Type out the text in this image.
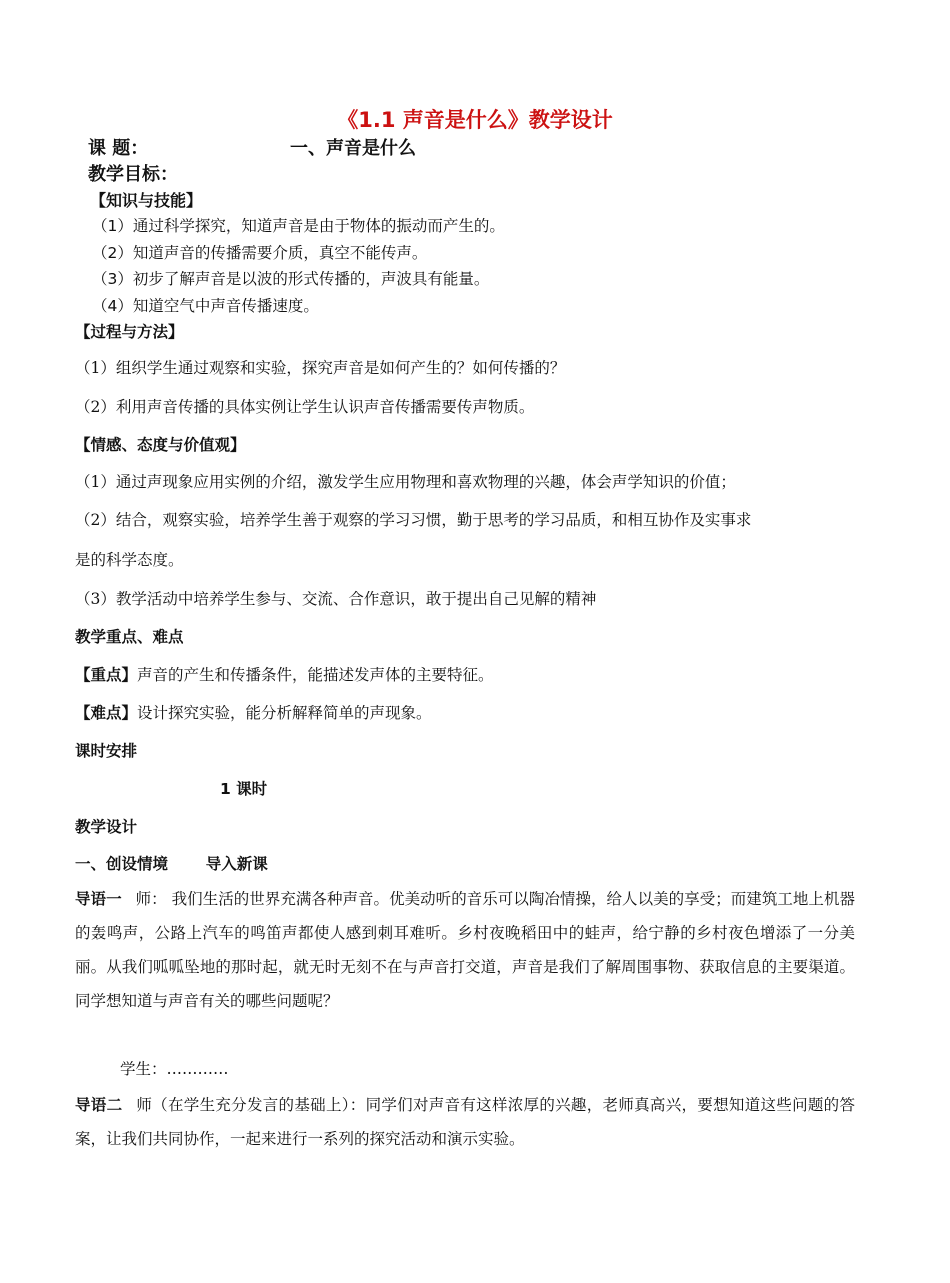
《1.1 声音是什么》教学设计
课 题：	一、声音是什么
教学目标：
【知识与技能】
（1）通过科学探究，知道声音是由于物体的振动而产生的。
（2）知道声音的传播需要介质，真空不能传声。
（3）初步了解声音是以波的形式传播的，声波具有能量。
（4）知道空气中声音传播速度。
【过程与方法】
（1）组织学生通过观察和实验，探究声音是如何产生的？如何传播的？
（2）利用声音传播的具体实例让学生认识声音传播需要传声物质。
【情感、态度与价值观】
（1）通过声现象应用实例的介绍，激发学生应用物理和喜欢物理的兴趣，体会声学知识的价值；
（2）结合，观察实验，培养学生善于观察的学习习惯，勤于思考的学习品质，和相互协作及实事求
是的科学态度。
（3）教学活动中培养学生参与、交流、合作意识，敢于提出自己见解的精神
教学重点、难点
【重点】声音的产生和传播条件，能描述发声体的主要特征。
【难点】设计探究实验，能分析解释简单的声现象。
课时安排
1 课时
教学设计
一、创设情境       导入新课
导语一 师： 我们生活的世界充满各种声音。优美动听的音乐可以陶冶情操，给人以美的享受；而建筑工地上机器的轰鸣声，公路上汽车的鸣笛声都使人感到刺耳难听。乡村夜晚稻田中的蛙声，给宁静的乡村夜色增添了一分美丽。从我们呱呱坠地的那时起，就无时无刻不在与声音打交道，声音是我们了解周围事物、获取信息的主要渠道。同学想知道与声音有关的哪些问题呢？
学生：…………
导语二 师（在学生充分发言的基础上）：同学们对声音有这样浓厚的兴趣，老师真高兴，要想知道这些问题的答案，让我们共同协作，一起来进行一系列的探究活动和演示实验。
